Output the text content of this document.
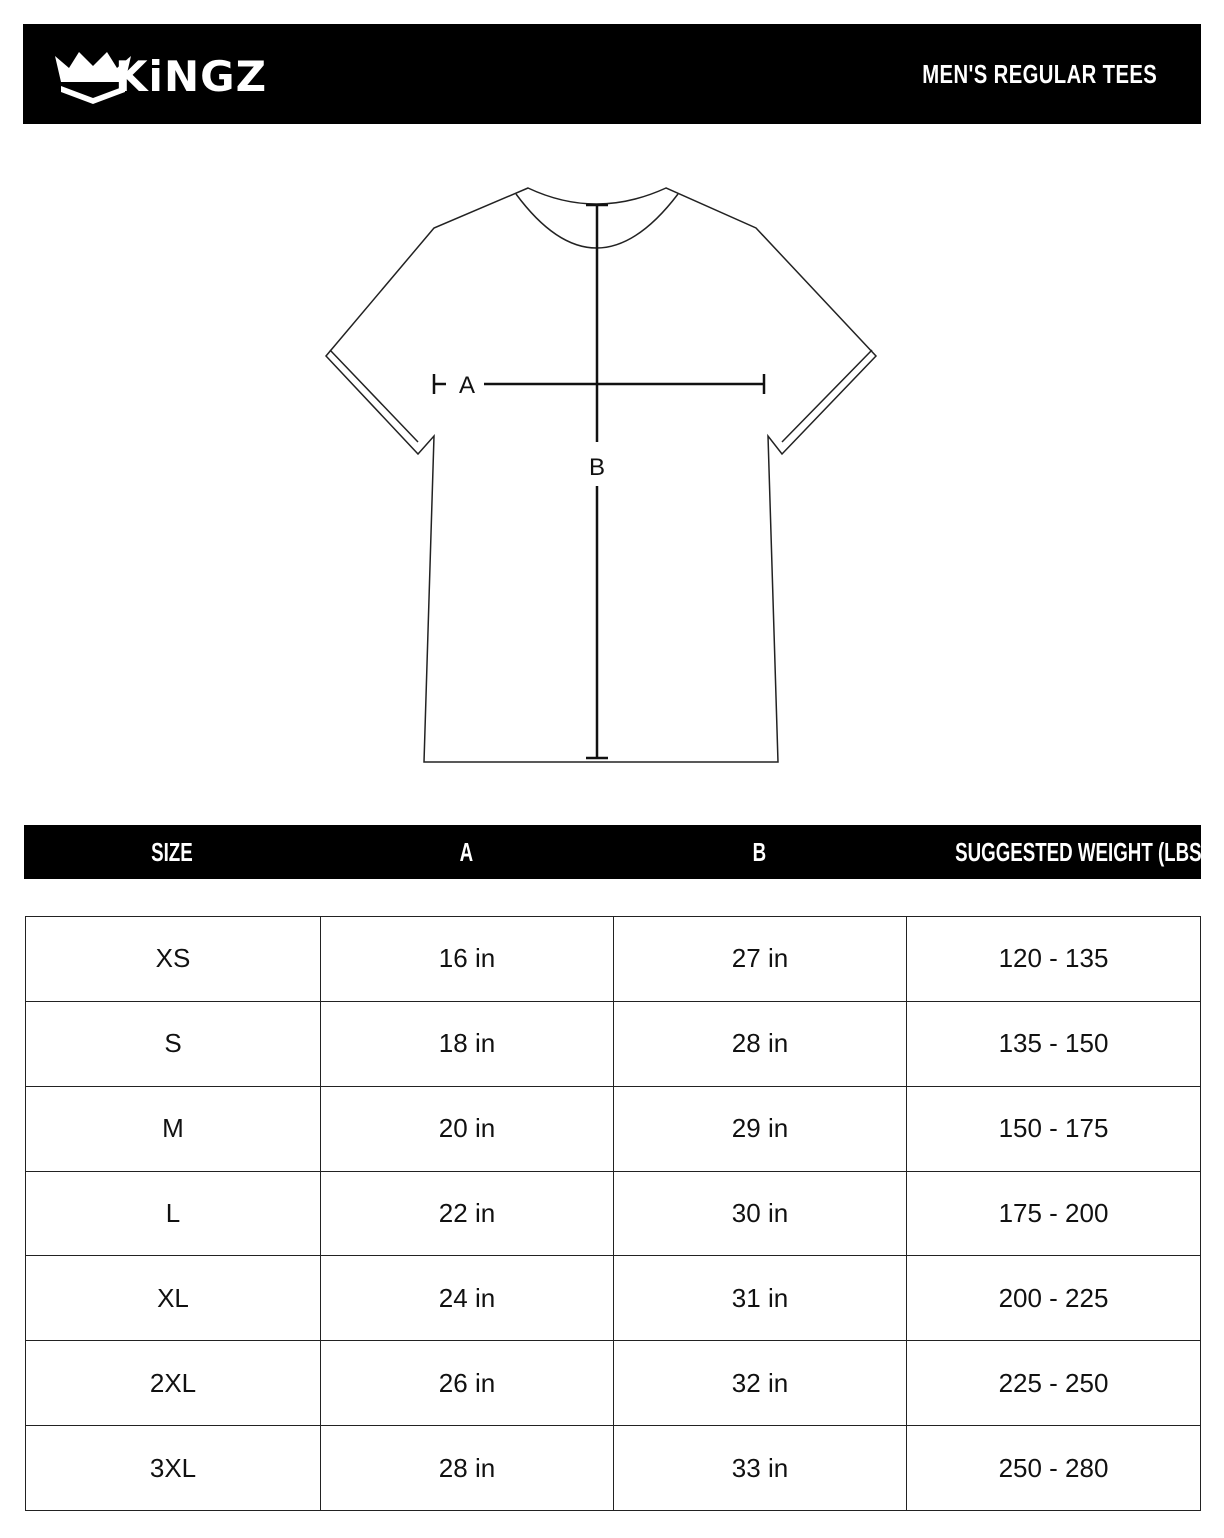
KiNGZ	MEN'S REGULAR TEES
A
B
SIZE	A	B	SUGGESTED WEIGHT (LBS)
XS	16 in	27 in	120 - 135
S	18 in	28 in	135 - 150
M	20 in	29 in	150 - 175
L	22 in	30 in	175 - 200
XL	24 in	31 in	200 - 225
2XL	26 in	32 in	225 - 250
3XL	28 in	33 in	250 - 280
